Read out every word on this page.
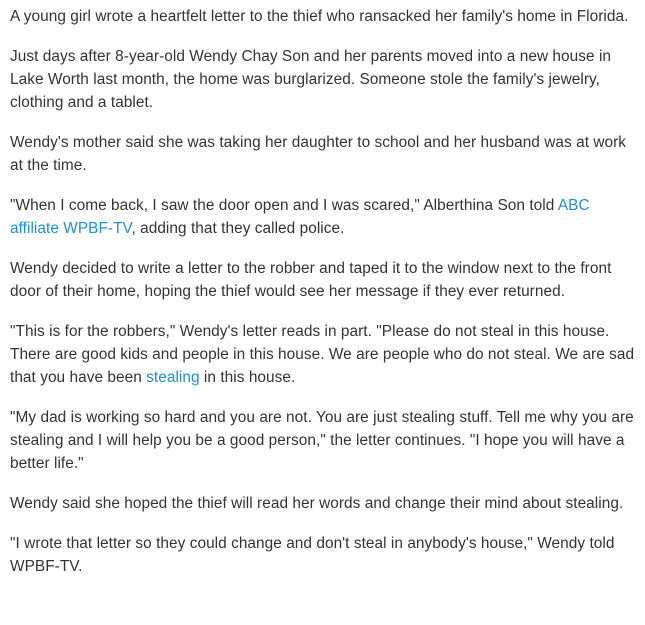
A young girl wrote a heartfelt letter to the thief who ransacked her family's home in Florida.

Just days after 8-year-old Wendy Chay Son and her parents moved into a new house in Lake Worth last month, the home was burglarized. Someone stole the family's jewelry, clothing and a tablet.

Wendy's mother said she was taking her daughter to school and her husband was at work at the time.

"When I come back, I saw the door open and I was scared," Alberthina Son told ABC affiliate WPBF-TV, adding that they called police.

Wendy decided to write a letter to the robber and taped it to the window next to the front door of their home, hoping the thief would see her message if they ever returned.

"This is for the robbers," Wendy's letter reads in part. "Please do not steal in this house. There are good kids and people in this house. We are people who do not steal. We are sad that you have been stealing in this house.

"My dad is working so hard and you are not. You are just stealing stuff. Tell me why you are stealing and I will help you be a good person," the letter continues. "I hope you will have a better life."

Wendy said she hoped the thief will read her words and change their mind about stealing.

"I wrote that letter so they could change and don't steal in anybody's house," Wendy told WPBF-TV.
